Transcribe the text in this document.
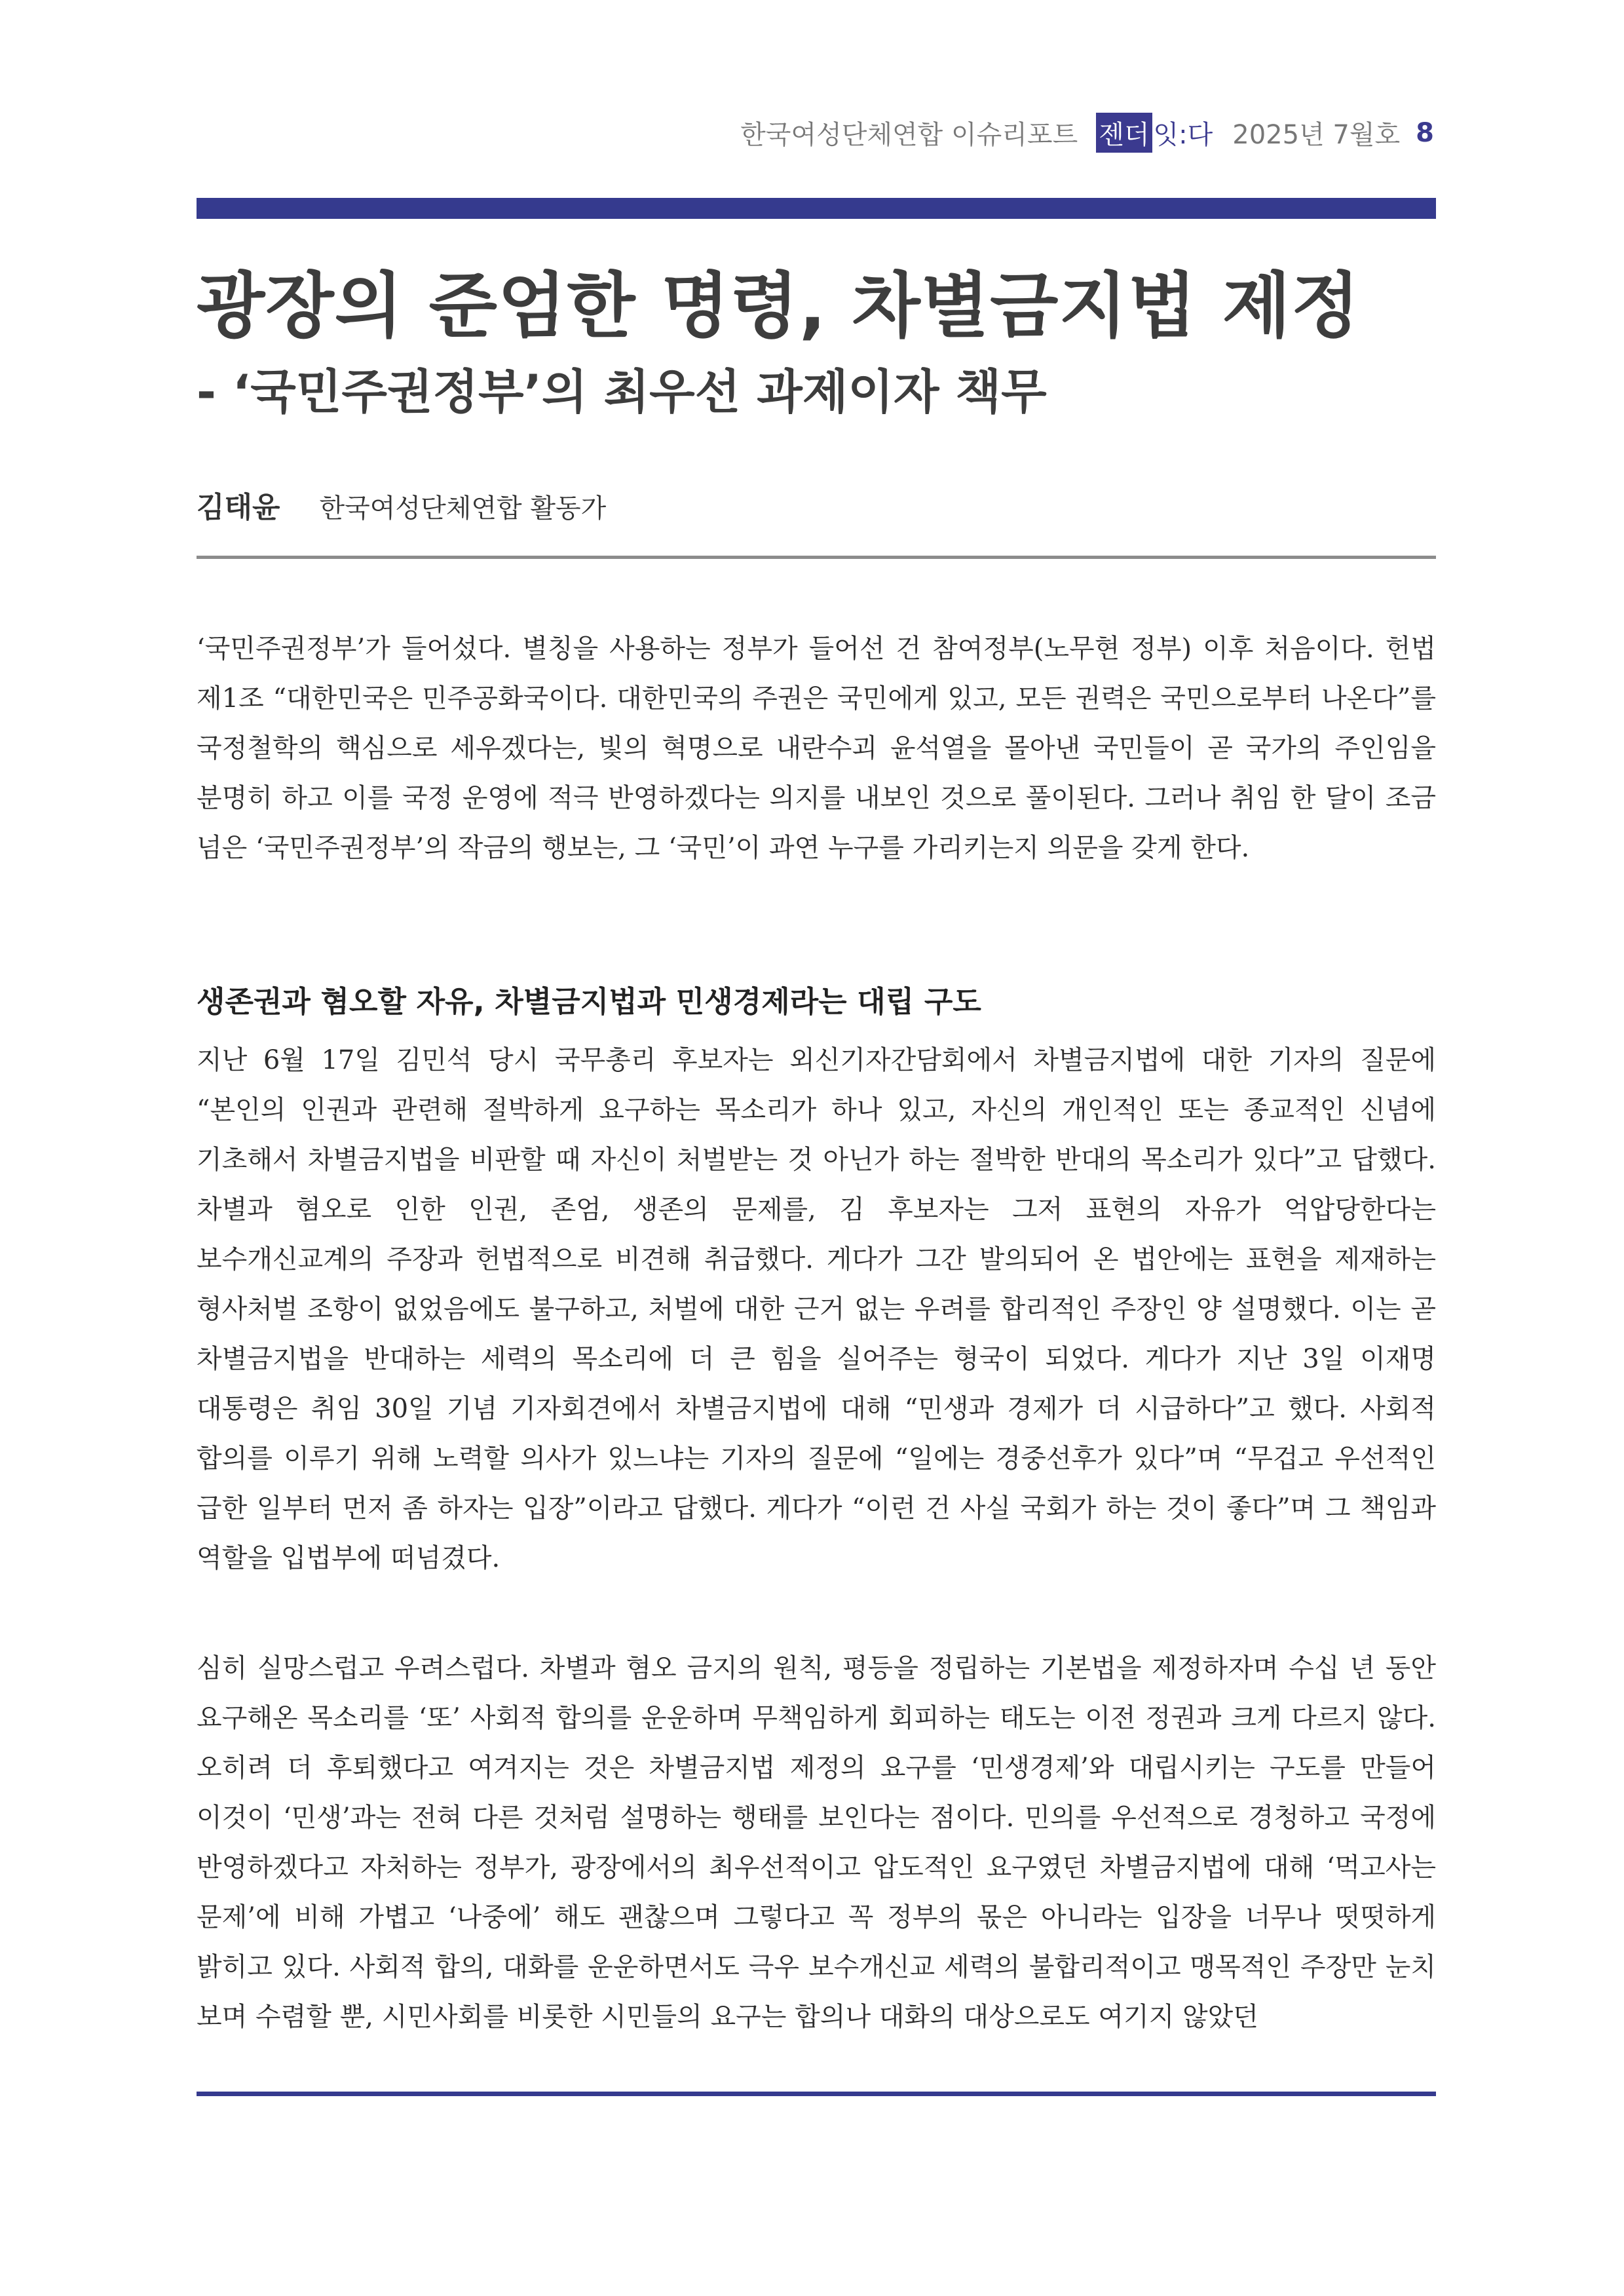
한국여성단체연합 이슈리포트 젠더 잇:다 2025년 7월호 8
광장의 준엄한 명령, 차별금지법 제정
- ‘국민주권정부’의 최우선 과제이자 책무
김태윤 한국여성단체연합 활동가

‘국민주권정부’가 들어섰다. 별칭을 사용하는 정부가 들어선 건 참여정부(노무현 정부) 이후 처음이다. 헌법 제1조 “대한민국은 민주공화국이다. 대한민국의 주권은 국민에게 있고, 모든 권력은 국민으로부터 나온다”를 국정철학의 핵심으로 세우겠다는, 빛의 혁명으로 내란수괴 윤석열을 몰아낸 국민들이 곧 국가의 주인임을 분명히 하고 이를 국정 운영에 적극 반영하겠다는 의지를 내보인 것으로 풀이된다. 그러나 취임 한 달이 조금 넘은 ‘국민주권정부’의 작금의 행보는, 그 ‘국민’이 과연 누구를 가리키는지 의문을 갖게 한다.

생존권과 혐오할 자유, 차별금지법과 민생경제라는 대립 구도

지난 6월 17일 김민석 당시 국무총리 후보자는 외신기자간담회에서 차별금지법에 대한 기자의 질문에 “본인의 인권과 관련해 절박하게 요구하는 목소리가 하나 있고, 자신의 개인적인 또는 종교적인 신념에 기초해서 차별금지법을 비판할 때 자신이 처벌받는 것 아닌가 하는 절박한 반대의 목소리가 있다”고 답했다. 차별과 혐오로 인한 인권, 존엄, 생존의 문제를, 김 후보자는 그저 표현의 자유가 억압당한다는 보수개신교계의 주장과 헌법적으로 비견해 취급했다. 게다가 그간 발의되어 온 법안에는 표현을 제재하는 형사처벌 조항이 없었음에도 불구하고, 처벌에 대한 근거 없는 우려를 합리적인 주장인 양 설명했다. 이는 곧 차별금지법을 반대하는 세력의 목소리에 더 큰 힘을 실어주는 형국이 되었다. 게다가 지난 3일 이재명 대통령은 취임 30일 기념 기자회견에서 차별금지법에 대해 “민생과 경제가 더 시급하다”고 했다. 사회적 합의를 이루기 위해 노력할 의사가 있느냐는 기자의 질문에 “일에는 경중선후가 있다”며 “무겁고 우선적인 급한 일부터 먼저 좀 하자는 입장”이라고 답했다. 게다가 “이런 건 사실 국회가 하는 것이 좋다”며 그 책임과 역할을 입법부에 떠넘겼다.

심히 실망스럽고 우려스럽다. 차별과 혐오 금지의 원칙, 평등을 정립하는 기본법을 제정하자며 수십 년 동안 요구해온 목소리를 ‘또’ 사회적 합의를 운운하며 무책임하게 회피하는 태도는 이전 정권과 크게 다르지 않다. 오히려 더 후퇴했다고 여겨지는 것은 차별금지법 제정의 요구를 ‘민생경제’와 대립시키는 구도를 만들어 이것이 ‘민생’과는 전혀 다른 것처럼 설명하는 행태를 보인다는 점이다. 민의를 우선적으로 경청하고 국정에 반영하겠다고 자처하는 정부가, 광장에서의 최우선적이고 압도적인 요구였던 차별금지법에 대해 ‘먹고사는 문제’에 비해 가볍고 ‘나중에’ 해도 괜찮으며 그렇다고 꼭 정부의 몫은 아니라는 입장을 너무나 떳떳하게 밝히고 있다. 사회적 합의, 대화를 운운하면서도 극우 보수개신교 세력의 불합리적이고 맹목적인 주장만 눈치 보며 수렴할 뿐, 시민사회를 비롯한 시민들의 요구는 합의나 대화의 대상으로도 여기지 않았던
